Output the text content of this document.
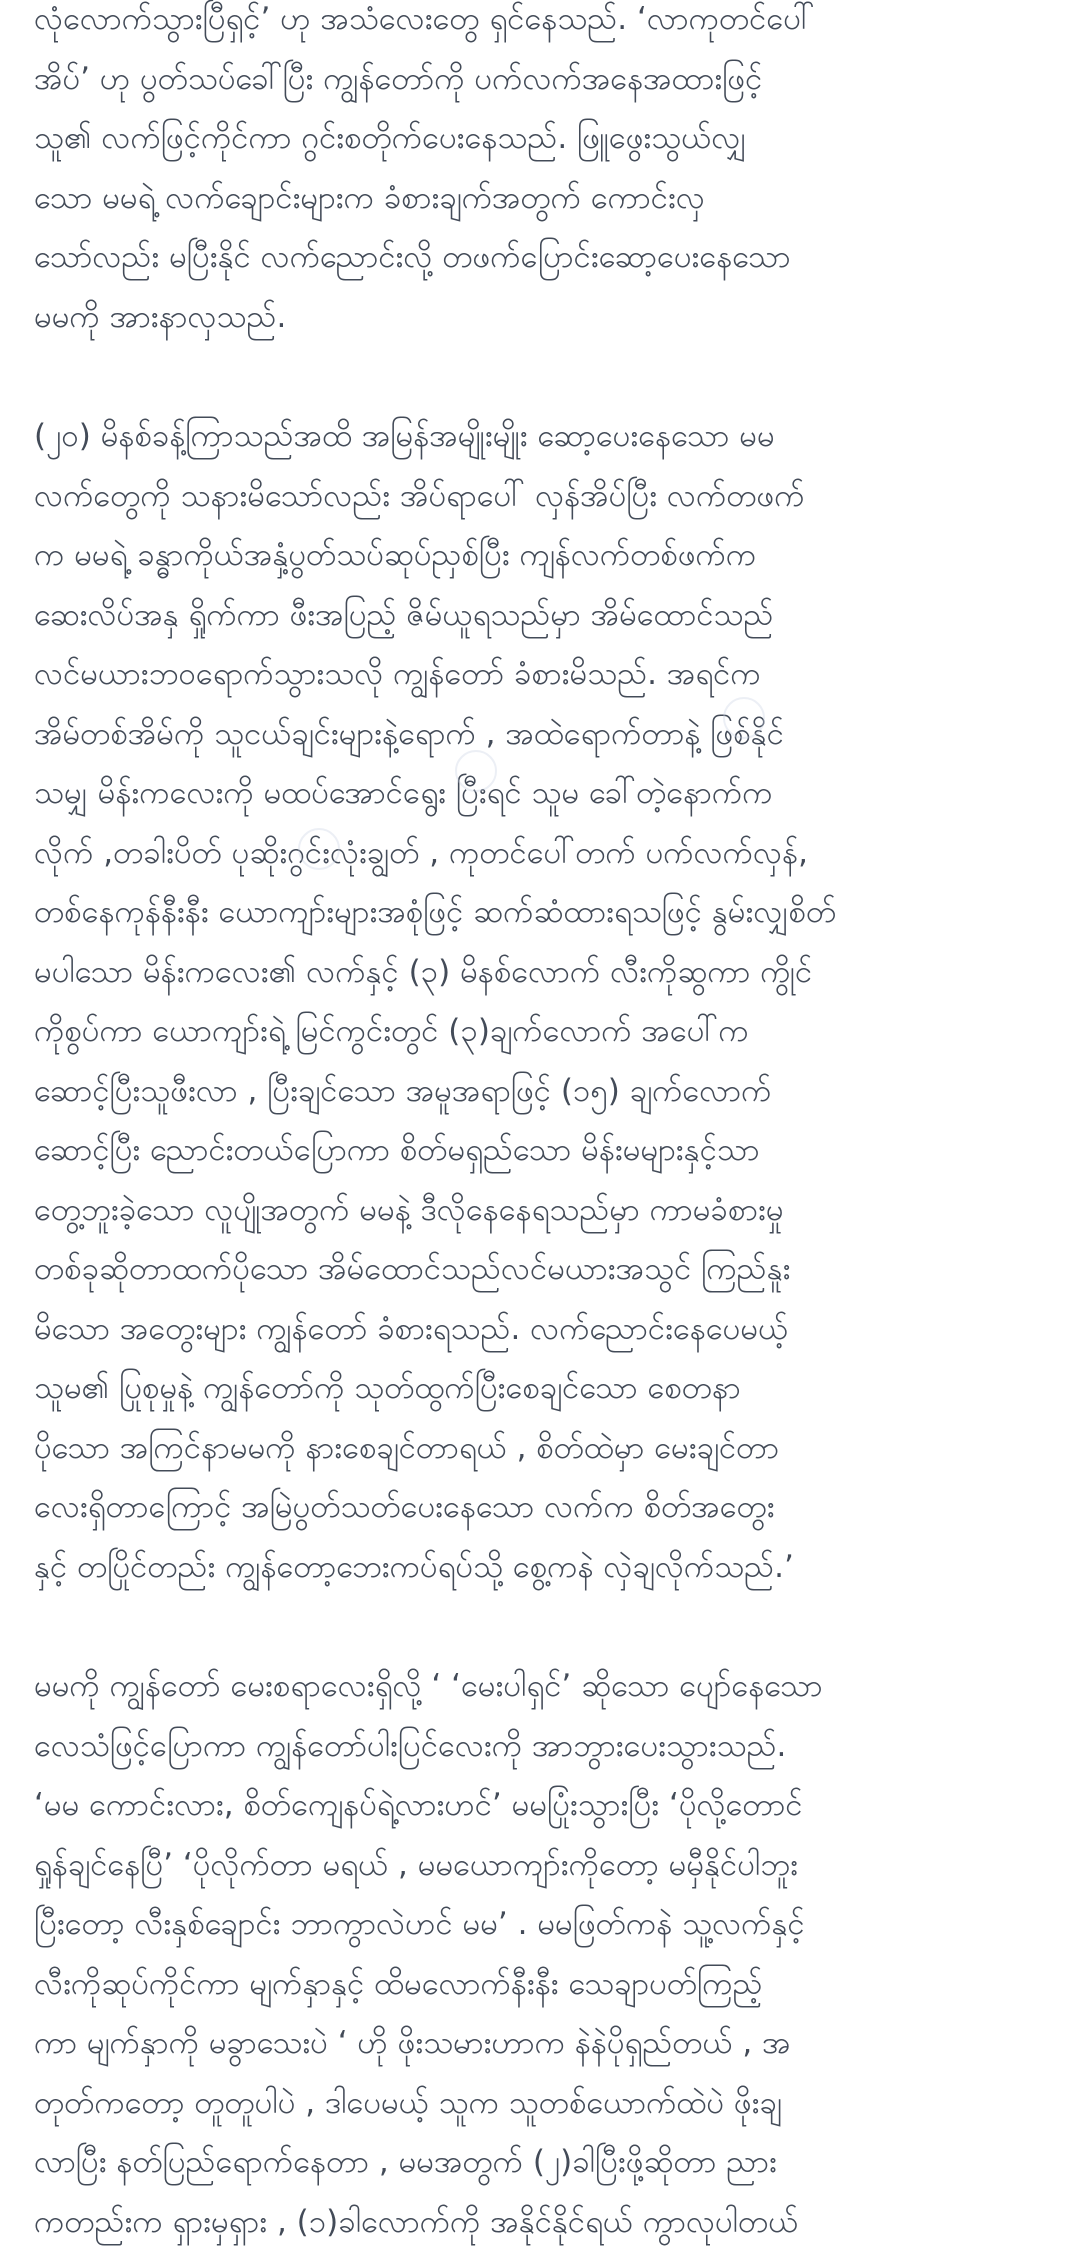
လုံလောက်သွားပြီရှင့်’ ဟု အသံလေးတွေ ရှင်နေသည်. ‘လာကုတင်ပေါ်
အိပ်’ ဟု ပွတ်သပ်ခေါ်ပြီး ကျွန်တော်ကို ပက်လက်အနေအထားဖြင့်
သူ၏ လက်ဖြင့်ကိုင်ကာ ဂွင်းစတိုက်ပေးနေသည်. ဖြူဖွေးသွယ်လျှ
သော မမရဲ့ လက်ချောင်းများက ခံစားချက်အတွက် ကောင်းလှ
သော်လည်း မပြီးနိုင် လက်ညောင်းလို့ တဖက်ပြောင်းဆော့ပေးနေသော
မမကို အားနာလှသည်.
(၂၀) မိနစ်ခန့်ကြာသည်အထိ အမြန်အမျိုးမျိုး ဆော့ပေးနေသော မမ
လက်တွေကို သနားမိသော်လည်း အိပ်ရာပေါ် လှန်အိပ်ပြီး လက်တဖက်
က မမရဲ့ ခန္ဓာကိုယ်အနှံ့ပွတ်သပ်ဆုပ်ညှစ်ပြီး ကျန်လက်တစ်ဖက်က
ဆေးလိပ်အနှ ရှိုက်ကာ ဖီးအပြည့် ဇိမ်ယူရသည်မှာ အိမ်ထောင်သည်
လင်မယားဘဝရောက်သွားသလို ကျွန်တော် ခံစားမိသည်. အရင်က
အိမ်တစ်အိမ်ကို သူငယ်ချင်းများနဲ့ရောက် , အထဲရောက်တာနဲ့ ဖြစ်နိုင်
သမျှ မိန်းကလေးကို မထပ်အောင်ရွေး ပြီးရင် သူမ ခေါ်တဲ့နောက်က
လိုက် ,တခါးပိတ် ပုဆိုးဂွင်းလုံးချွတ် , ကုတင်ပေါ်တက် ပက်လက်လှန်,
တစ်နေကုန်နီးနီး ယောကျာ်းများအစုံဖြင့် ဆက်ဆံထားရသဖြင့် နွမ်းလျှစိတ်
မပါသော မိန်းကလေး၏ လက်နှင့် (၃) မိနစ်လောက် လီးကိုဆွကာ ကွိုင်
ကိုစွပ်ကာ ယောကျာ်းရဲ့ မြင်ကွင်းတွင် (၃)ချက်လောက် အပေါ်က
ဆောင့်ပြီးသူဖီးလာ , ပြီးချင်သော အမူအရာဖြင့် (၁၅) ချက်လောက်
ဆောင့်ပြီး ညောင်းတယ်ပြောကာ စိတ်မရှည်သော မိန်းမများနှင့်သာ
တွေ့ဘူးခဲ့သော လူပျိုအတွက် မမနဲ့ ဒီလိုနေနေရသည်မှာ ကာမခံစားမှု
တစ်ခုဆိုတာထက်ပိုသော အိမ်ထောင်သည်လင်မယားအသွင် ကြည်နူး
မိသော အတွေးများ ကျွန်တော် ခံစားရသည်. လက်ညောင်းနေပေမယ့်
သူမ၏ ပြုစုမှုနဲ့ ကျွန်တော်ကို သုတ်ထွက်ပြီးစေချင်သော စေတနာ
ပိုသော အကြင်နာမမကို နားစေချင်တာရယ် , စိတ်ထဲမှာ မေးချင်တာ
လေးရှိတာကြောင့် အမြဲပွတ်သတ်ပေးနေသော လက်က စိတ်အတွေး
နှင့် တပြိုင်တည်း ကျွန်တော့ဘေးကပ်ရပ်သို့ စွေ့ကနဲ လှဲချလိုက်သည်.’
မမကို ကျွန်တော် မေးစရာလေးရှိလို့ ‘ ‘မေးပါရှင်’ ဆိုသော ပျော်နေသော
လေသံဖြင့်ပြောကာ ကျွန်တော်ပါးပြင်လေးကို အာဘွားပေးသွားသည်.
‘မမ ကောင်းလား, စိတ်ကျေနပ်ရဲ့လားဟင်’ မမပြုံးသွားပြီး ‘ပိုလို့တောင်
ရှုန်ချင်နေပြီ’ ‘ပိုလိုက်တာ မရယ် , မမယောကျာ်းကိုတော့ မမှီနိုင်ပါဘူး
ပြီးတော့ လီးနှစ်ချောင်း ဘာကွာလဲဟင် မမ’ . မမဖြတ်ကနဲ သူ့လက်နှင့်
လီးကိုဆုပ်ကိုင်ကာ မျက်နှာနှင့် ထိမလောက်နီးနီး သေချာပတ်ကြည့်
ကာ မျက်နှာကို မခွာသေးပဲ ‘ ဟို ဖိုးသမားဟာက နဲနဲပိုရှည်တယ် , အ
တုတ်ကတော့ တူတူပါပဲ , ဒါပေမယ့် သူက သူတစ်ယောက်ထဲပဲ ဖိုးချ
လာပြီး နတ်ပြည်ရောက်နေတာ , မမအတွက် (၂)ခါပြီးဖို့ဆိုတာ ညား
ကတည်းက ရှားမှရှား , (၁)ခါလောက်ကို အနိုင်နိုင်ရယ် ကွာလုပါတယ်
